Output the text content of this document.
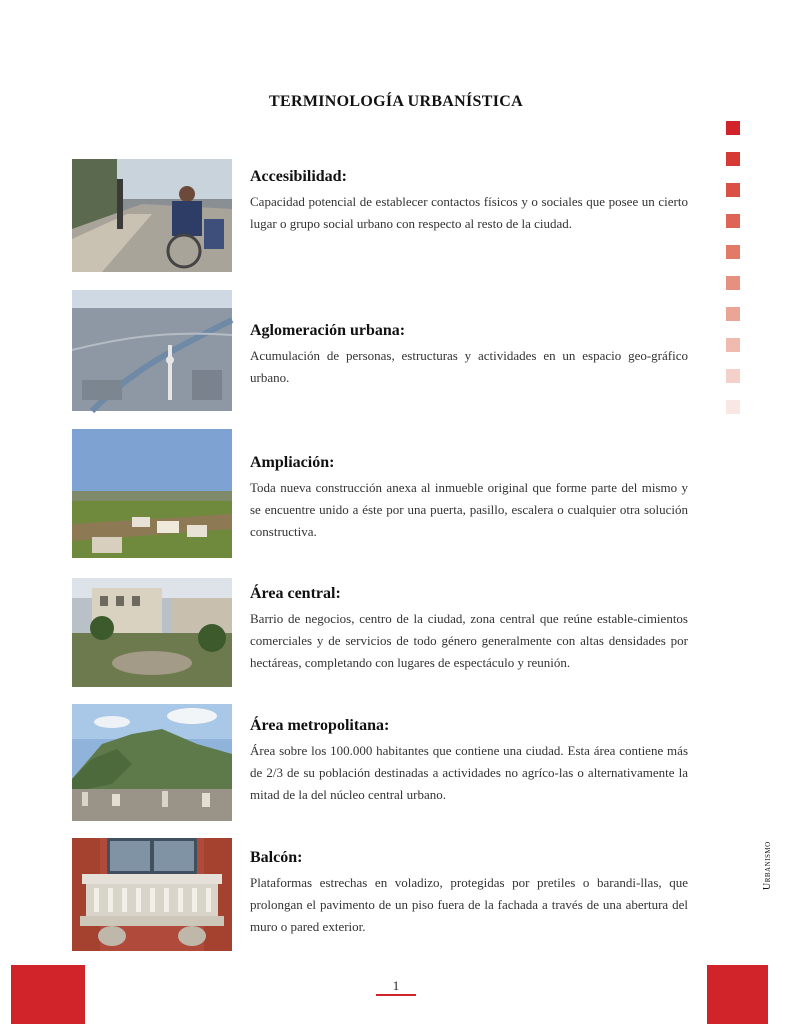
TERMINOLOGÍA URBANÍSTICA

Accesibilidad:

Capacidad potencial de establecer contactos físicos y o sociales que posee un cierto lugar o grupo social urbano con respecto al resto de la ciudad.

Aglomeración urbana:

Acumulación de personas, estructuras y actividades en un espacio geo-gráfico urbano.

Ampliación:

Toda nueva construcción anexa al inmueble original que forme parte del mismo y se encuentre unido a éste por una puerta, pasillo, escalera o cualquier otra solución constructiva.

Área central:

Barrio de negocios, centro de la ciudad, zona central que reúne estable-cimientos comerciales y de servicios de todo género generalmente con altas densidades por hectáreas, completando con lugares de espectáculo y reunión.

Área metropolitana:

Área sobre los 100.000 habitantes que contiene una ciudad. Esta área contiene más de 2/3 de su población destinadas a actividades no agríco-las o alternativamente la mitad de la del núcleo central urbano.

Balcón:

Plataformas estrechas en voladizo, protegidas por pretiles o barandi-llas, que prolongan el pavimento de un piso fuera de la fachada a través de una abertura del muro o pared exterior.

Urbanismo
1
